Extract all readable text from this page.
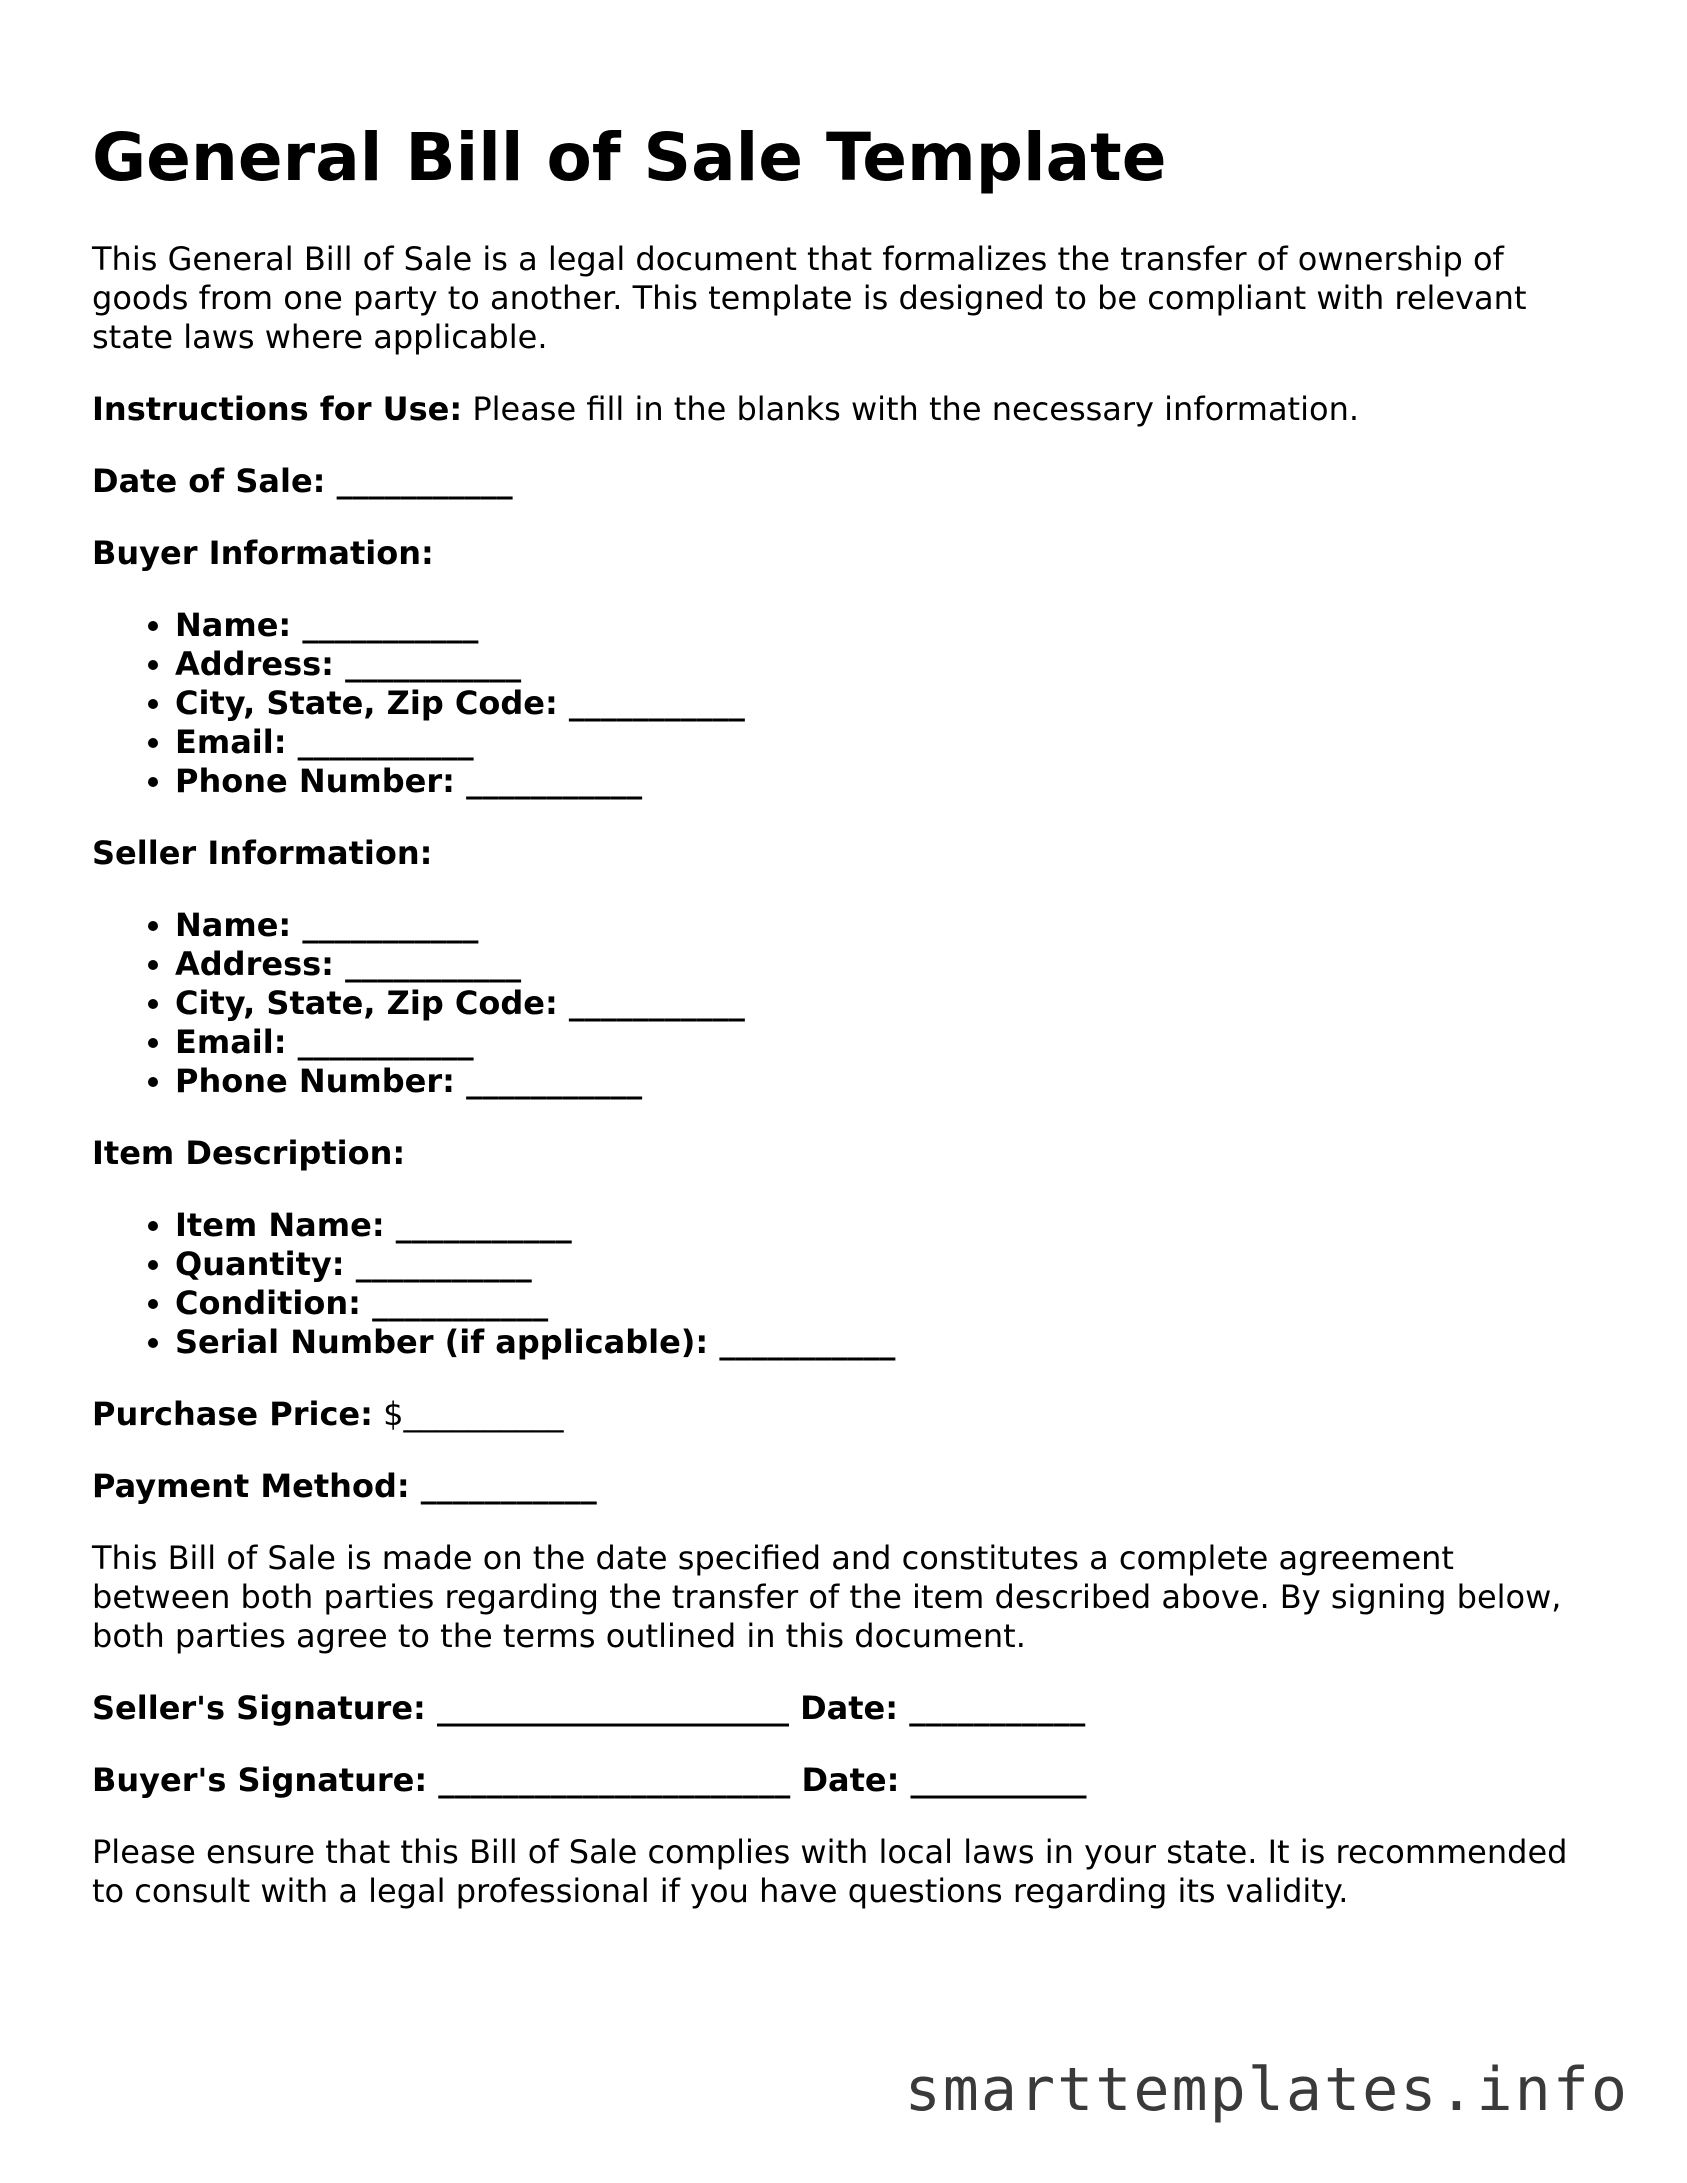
General Bill of Sale Template

This General Bill of Sale is a legal document that formalizes the transfer of ownership of goods from one party to another. This template is designed to be compliant with relevant state laws where applicable.

Instructions for Use: Please fill in the blanks with the necessary information.

Date of Sale: ___________

Buyer Information:

• Name: ___________
• Address: ___________
• City, State, Zip Code: ___________
• Email: ___________
• Phone Number: ___________

Seller Information:

• Name: ___________
• Address: ___________
• City, State, Zip Code: ___________
• Email: ___________
• Phone Number: ___________

Item Description:

• Item Name: ___________
• Quantity: ___________
• Condition: ___________
• Serial Number (if applicable): ___________

Purchase Price: $__________

Payment Method: ___________

This Bill of Sale is made on the date specified and constitutes a complete agreement between both parties regarding the transfer of the item described above. By signing below, both parties agree to the terms outlined in this document.

Seller's Signature: ______________________ Date: ___________

Buyer's Signature: ______________________ Date: ___________

Please ensure that this Bill of Sale complies with local laws in your state. It is recommended to consult with a legal professional if you have questions regarding its validity.

smarttemplates.info
